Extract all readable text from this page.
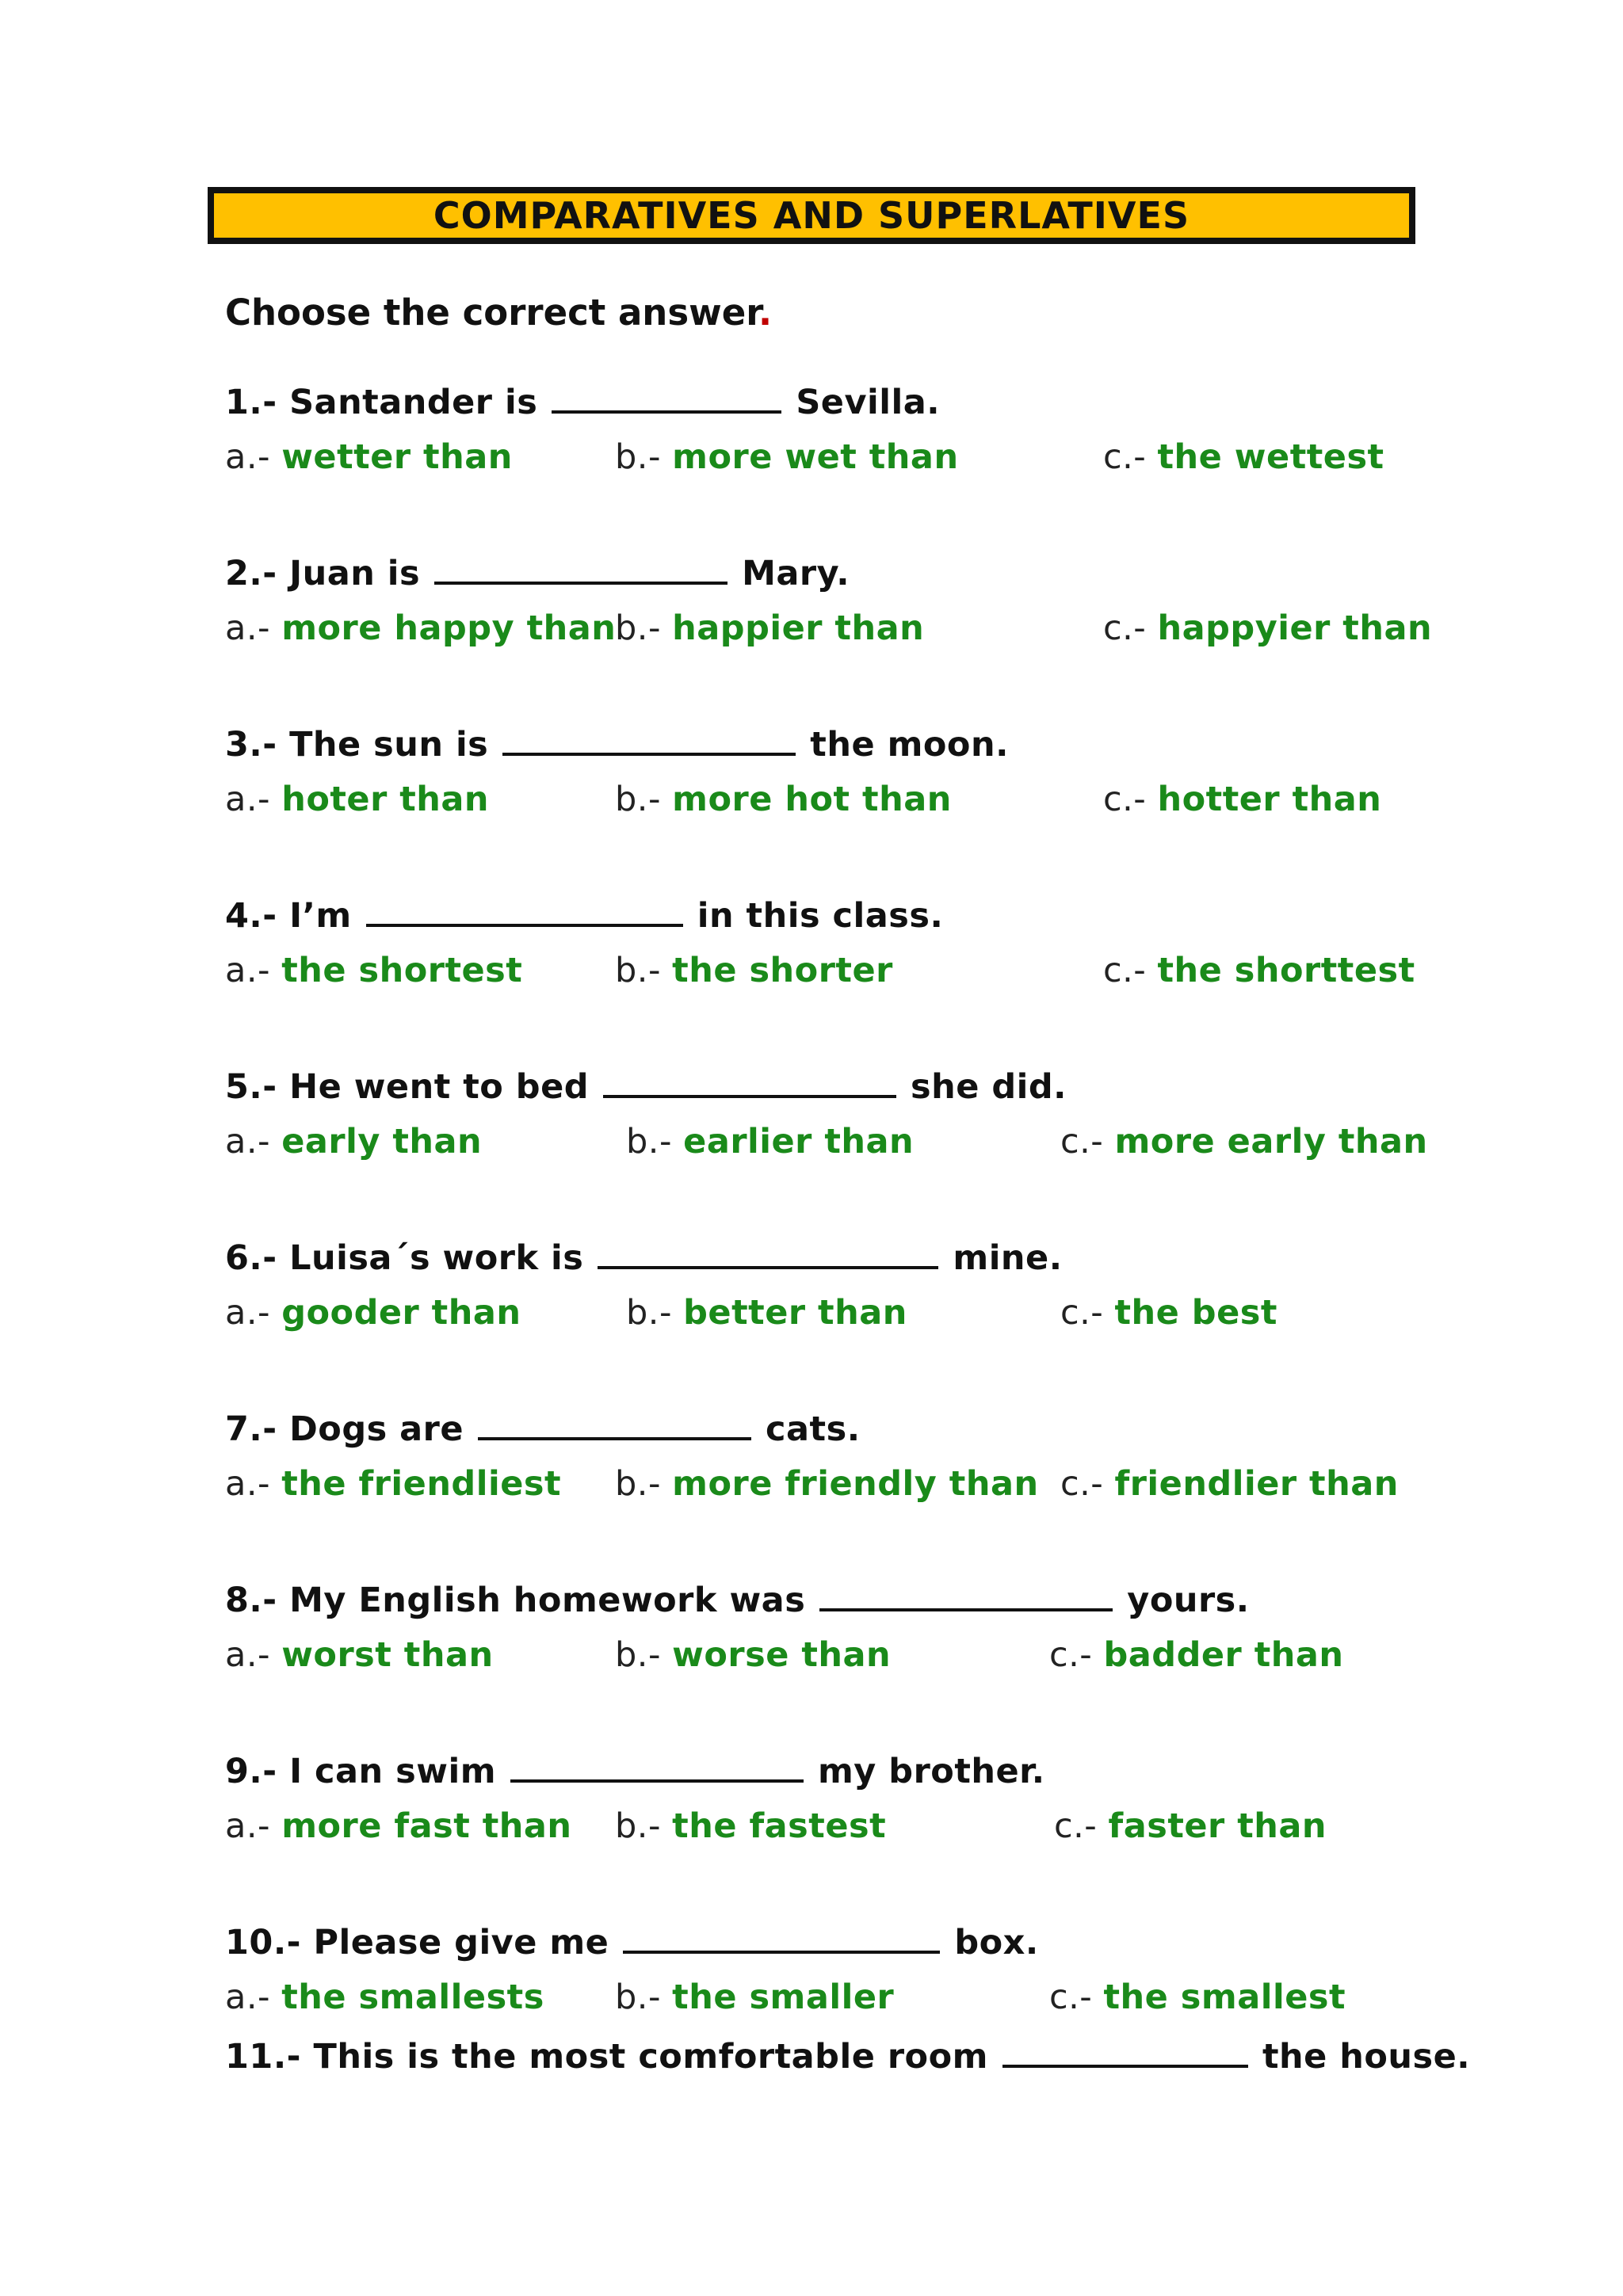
COMPARATIVES AND SUPERLATIVES
Choose the correct answer.
1.- Santander is	Sevilla.
a.- wetter than	b.- more wet than	c.- the wettest
2.- Juan is	Mary.
a.- more happy than
b.- happier than	c.- happyier than
3.- The sun is	the moon.
a.- hoter than	b.- more hot than	c.- hotter than
4.- I’m	in this class.
a.- the shortest	b.- the shorter	c.- the shorttest
5.- He went to bed	she did.
a.- early than	b.- earlier than	c.- more early than
6.- Luisa´s work is	mine.
a.- gooder than	b.- better than	c.- the best
7.- Dogs are	cats.
a.- the friendliest b.- more friendly than c.- friendlier than
8.- My English homework was	yours.
a.- worst than	b.- worse than	c.- badder than
9.- I can swim	my brother.
a.- more fast than b.- the fastest	c.- faster than
10.- Please give me	box.
a.- the smallests b.- the smaller	c.- the smallest
11.- This is the most comfortable room	the house.
